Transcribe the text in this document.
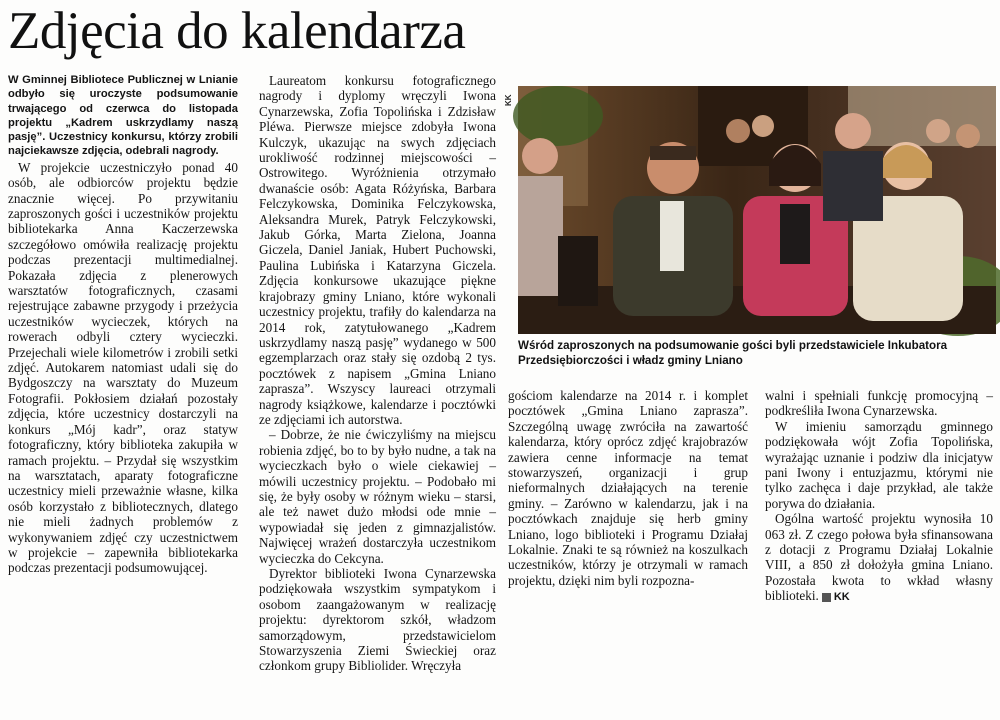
Zdjęcia do kalendarza

W Gminnej Bibliotece Publicznej w Lnianie odbyło się uroczyste podsumowanie trwającego od czerwca do listopada projektu „Kadrem uskrzydlamy naszą pasję”. Uczestnicy konkursu, którzy zrobili najciekawsze zdjęcia, odebrali nagrody.

W projekcie uczestniczyło ponad 40 osób, ale odbiorców projektu będzie znacznie więcej. Po przywitaniu zaproszonych gości i uczestników projektu bibliotekarka Anna Kaczerzewska szczegółowo omówiła realizację projektu podczas prezentacji multimedialnej. Pokazała zdjęcia z plenerowych warsztatów fotograficznych, czasami rejestrujące zabawne przygody i przeżycia uczestników wycieczek, których na rowerach odbyli cztery wycieczki. Przejechali wiele kilometrów i zrobili setki zdjęć. Autokarem natomiast udali się do Bydgoszczy na warsztaty do Muzeum Fotografii. Pokłosiem działań pozostały zdjęcia, które uczestnicy dostarczyli na konkurs „Mój kadr”, oraz statyw fotograficzny, który biblioteka zakupiła w ramach projektu. – Przydał się wszystkim na warsztatach, aparaty fotograficzne uczestnicy mieli przeważnie własne, kilka osób korzystało z bibliotecznych, dlatego nie mieli żadnych problemów z wykonywaniem zdjęć czy uczestnictwem w projekcie – zapewniła bibliotekarka podczas prezentacji podsumowującej.

Laureatom konkursu fotograficznego nagrody i dyplomy wręczyli Iwona Cynarzewska, Zofia Topolińska i Zdzisław Pléwa. Pierwsze miejsce zdobyła Iwona Kulczyk, ukazując na swych zdjęciach urokliwość rodzinnej miejscowości – Ostrowitego. Wyróżnienia otrzymało dwanaście osób: Agata Różyńska, Barbara Felczykowska, Dominika Felczykowska, Aleksandra Murek, Patryk Felczykowski, Jakub Górka, Marta Zielona, Joanna Giczela, Daniel Janiak, Hubert Puchowski, Paulina Lubińska i Katarzyna Giczela. Zdjęcia konkursowe ukazujące piękne krajobrazy gminy Lniano, które wykonali uczestnicy projektu, trafiły do kalendarza na 2014 rok, zatytułowanego „Kadrem uskrzydlamy naszą pasję” wydanego w 500 egzemplarzach oraz stały się ozdobą 2 tys. pocztówek z napisem „Gmina Lniano zaprasza”. Wszyscy laureaci otrzymali nagrody książkowe, kalendarze i pocztówki ze zdjęciami ich autorstwa.

– Dobrze, że nie ćwiczyliśmy na miejscu robienia zdjęć, bo to by było nudne, a tak na wycieczkach było o wiele ciekawiej – mówili uczestnicy projektu. – Podobało mi się, że były osoby w różnym wieku – starsi, ale też nawet dużo młodsi ode mnie – wypowiadał się jeden z gimnazjalistów. Najwięcej wrażeń dostarczyła uczestnikom wycieczka do Cekcyna.

Dyrektor biblioteki Iwona Cynarzewska podziękowała wszystkim sympatykom i osobom zaangażowanym w realizację projektu: dyrektorom szkół, władzom samorządowym, przedstawicielom Stowarzyszenia Ziemi Świeckiej oraz członkom grupy Bibliolider. Wręczyła

KK
Wśród zaproszonych na podsumowanie gości byli przedstawiciele Inkubatora Przedsiębiorczości i władz gminy Lniano

gościom kalendarze na 2014 r. i komplet pocztówek „Gmina Lniano zaprasza”. Szczególną uwagę zwróciła na zawartość kalendarza, który oprócz zdjęć krajobrazów zawiera cenne informacje na temat stowarzyszeń, organizacji i grup nieformalnych działających na terenie gminy. – Zarówno w kalendarzu, jak i na pocztówkach znajduje się herb gminy Lniano, logo biblioteki i Programu Działaj Lokalnie. Znaki te są również na koszulkach uczestników, którzy je otrzymali w ramach projektu, dzięki nim byli rozpozna-

walni i spełniali funkcję promocyjną – podkreśliła Iwona Cynarzewska.

W imieniu samorządu gminnego podziękowała wójt Zofia Topolińska, wyrażając uznanie i podziw dla inicjatyw pani Iwony i entuzjazmu, którymi nie tylko zachęca i daje przykład, ale także porywa do działania.

Ogólna wartość projektu wynosiła 10 063 zł. Z czego połowa była sfinansowana z dotacji z Programu Działaj Lokalnie VIII, a 850 zł dołożyła gmina Lniano. Pozostała kwota to wkład własny biblioteki. KK
